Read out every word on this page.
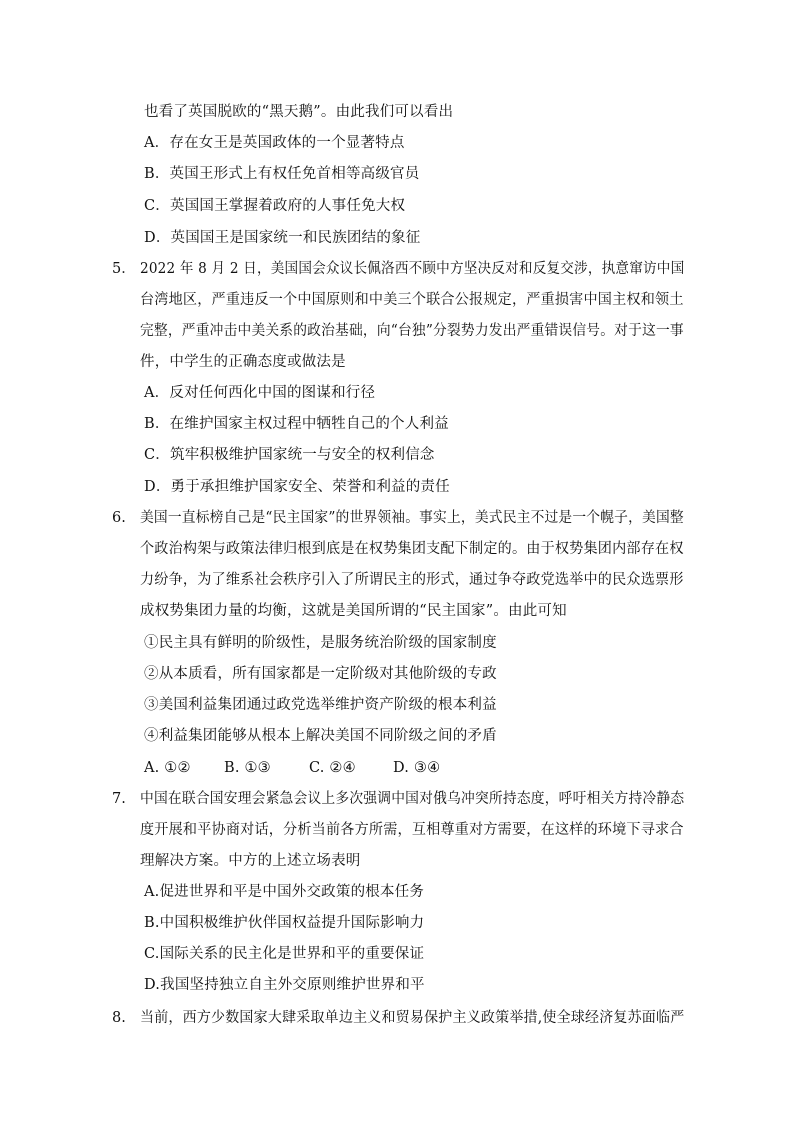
也看了英国脱欧的“黑天鹅”。由此我们可以看出
A．存在女王是英国政体的一个显著特点
B．英国王形式上有权任免首相等高级官员
C．英国国王掌握着政府的人事任免大权
D．英国国王是国家统一和民族团结的象征
5． 2022 年 8 月 2 日，美国国会众议长佩洛西不顾中方坚决反对和反复交涉，执意窜访中国
台湾地区，严重违反一个中国原则和中美三个联合公报规定，严重损害中国主权和领土
完整，严重冲击中美关系的政治基础，向“台独”分裂势力发出严重错误信号。对于这一事
件，中学生的正确态度或做法是
A．反对任何西化中国的图谋和行径
B．在维护国家主权过程中牺牲自己的个人利益
C．筑牢积极维护国家统一与安全的权利信念
D．勇于承担维护国家安全、荣誉和利益的责任
6. 美国一直标榜自己是“民主国家”的世界领袖。事实上，美式民主不过是一个幌子，美国整
个政治构架与政策法律归根到底是在权势集团支配下制定的。由于权势集团内部存在权
力纷争，为了维系社会秩序引入了所谓民主的形式，通过争夺政党选举中的民众选票形
成权势集团力量的均衡，这就是美国所谓的“民主国家”。由此可知
①民主具有鲜明的阶级性，是服务统治阶级的国家制度
②从本质看，所有国家都是一定阶级对其他阶级的专政
③美国利益集团通过政党选举维护资产阶级的根本利益
④利益集团能够从根本上解决美国不同阶级之间的矛盾
A. ①② B. ①③	C. ②④	D. ③④
7. 中国在联合国安理会紧急会议上多次强调中国对俄乌冲突所持态度，呼吁相关方持冷静态
度开展和平协商对话，分析当前各方所需，互相尊重对方需要，在这样的环境下寻求合
理解决方案。中方的上述立场表明
A.促进世界和平是中国外交政策的根本任务
B.中国积极维护伙伴国权益提升国际影响力
C.国际关系的民主化是世界和平的重要保证
D.我国坚持独立自主外交原则维护世界和平
8. 当前，西方少数国家大肆采取单边主义和贸易保护主义政策举措,使全球经济复苏面临严
